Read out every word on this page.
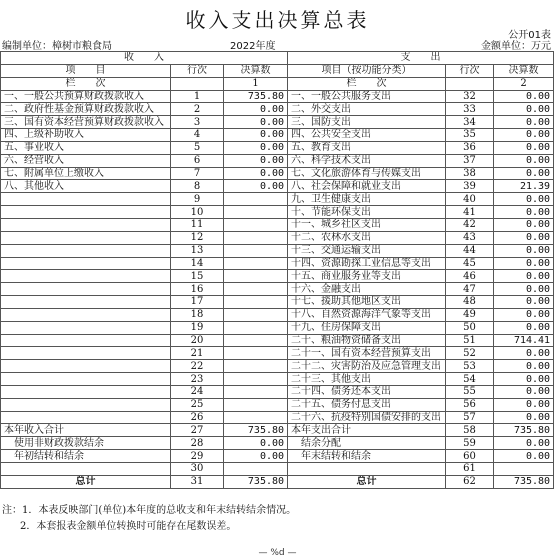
收入支出决算总表
公开01表
编制单位：樟树市粮食局	2022年度	金额单位：万元
收　　入			支　　出		
项　　目	行次	决算数	项目（按功能分类）	行次	决算数
栏　　次		1	栏　　次		2
一、一般公共预算财政拨款收入	1	735.80	一、一般公共服务支出	32	0.00
二、政府性基金预算财政拨款收入	2	0.00	二、外交支出	33	0.00
三、国有资本经营预算财政拨款收入	3	0.00	三、国防支出	34	0.00
四、上级补助收入	4	0.00	四、公共安全支出	35	0.00
五、事业收入	5	0.00	五、教育支出	36	0.00
六、经营收入	6	0.00	六、科学技术支出	37	0.00
七、附属单位上缴收入	7	0.00	七、文化旅游体育与传媒支出	38	0.00
八、其他收入	8	0.00	八、社会保障和就业支出	39	21.39
	9		九、卫生健康支出	40	0.00
	10		十、节能环保支出	41	0.00
	11		十一、城乡社区支出	42	0.00
	12		十二、农林水支出	43	0.00
	13		十三、交通运输支出	44	0.00
	14		十四、资源勘探工业信息等支出	45	0.00
	15		十五、商业服务业等支出	46	0.00
	16		十六、金融支出	47	0.00
	17		十七、援助其他地区支出	48	0.00
	18		十八、自然资源海洋气象等支出	49	0.00
	19		十九、住房保障支出	50	0.00
	20		二十、粮油物资储备支出	51	714.41
	21		二十一、国有资本经营预算支出	52	0.00
	22		二十二、灾害防治及应急管理支出	53	0.00
	23		二十三、其他支出	54	0.00
	24		二十四、债务还本支出	55	0.00
	25		二十五、债务付息支出	56	0.00
	26		二十六、抗疫特别国债安排的支出	57	0.00
本年收入合计	27	735.80	本年支出合计	58	735.80
　使用非财政拨款结余	28	0.00	　结余分配	59	0.00
　年初结转和结余	29	0.00	　年末结转和结余	60	0.00
	30			61	
总计	31	735.80	总计	62	735.80
注：1．本表反映部门(单位)本年度的总收支和年末结转结余情况。
2．本套报表金额单位转换时可能存在尾数误差。
— %d —
